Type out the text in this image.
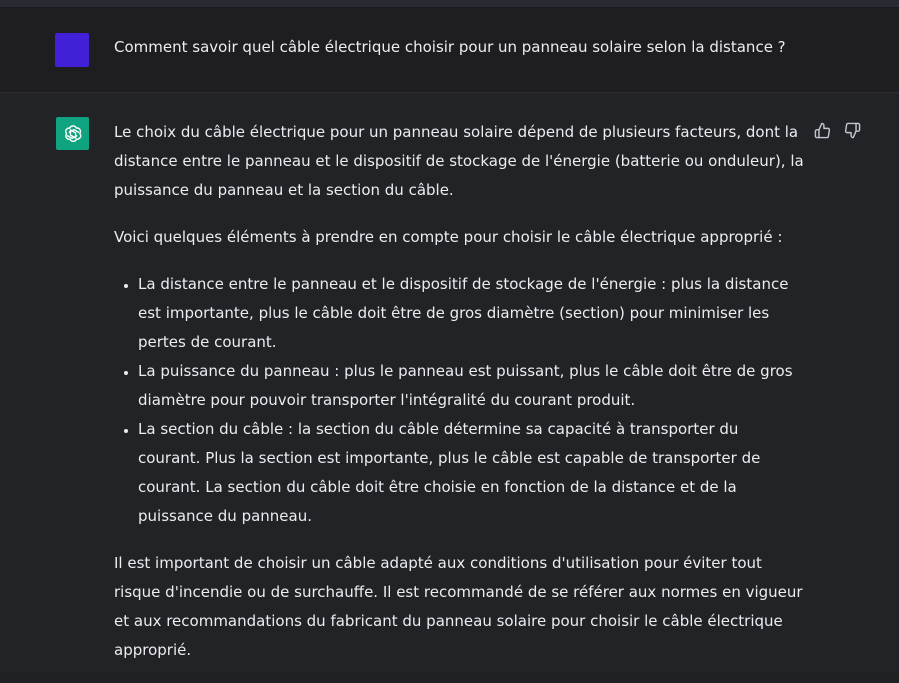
Comment savoir quel câble électrique choisir pour un panneau solaire selon la distance ?

Le choix du câble électrique pour un panneau solaire dépend de plusieurs facteurs, dont la distance entre le panneau et le dispositif de stockage de l'énergie (batterie ou onduleur), la puissance du panneau et la section du câble.

Voici quelques éléments à prendre en compte pour choisir le câble électrique approprié :

• La distance entre le panneau et le dispositif de stockage de l'énergie : plus la distance est importante, plus le câble doit être de gros diamètre (section) pour minimiser les pertes de courant.
• La puissance du panneau : plus le panneau est puissant, plus le câble doit être de gros diamètre pour pouvoir transporter l'intégralité du courant produit.
• La section du câble : la section du câble détermine sa capacité à transporter du courant. Plus la section est importante, plus le câble est capable de transporter de courant. La section du câble doit être choisie en fonction de la distance et de la puissance du panneau.

Il est important de choisir un câble adapté aux conditions d'utilisation pour éviter tout risque d'incendie ou de surchauffe. Il est recommandé de se référer aux normes en vigueur et aux recommandations du fabricant du panneau solaire pour choisir le câble électrique approprié.
